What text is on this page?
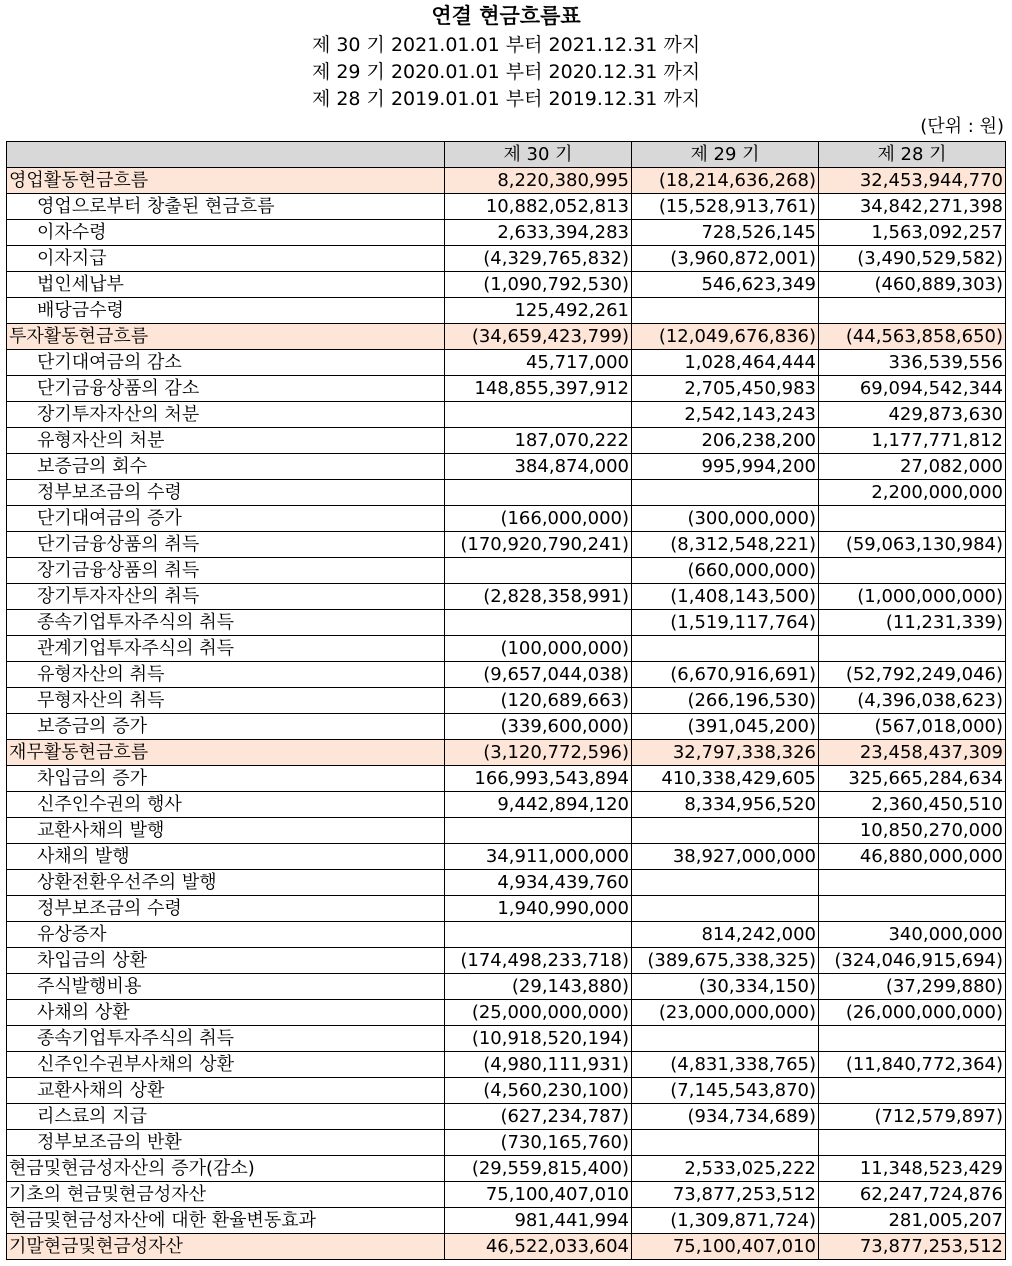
연결 현금흐름표
제 30 기 2021.01.01 부터 2021.12.31 까지
제 29 기 2020.01.01 부터 2020.12.31 까지
제 28 기 2019.01.01 부터 2019.12.31 까지
(단위 : 원)
	제 30 기	제 29 기	제 28 기
영업활동현금흐름	8,220,380,995	(18,214,636,268)	32,453,944,770
영업으로부터 창출된 현금흐름	10,882,052,813	(15,528,913,761)	34,842,271,398
이자수령	2,633,394,283	728,526,145	1,563,092,257
이자지급	(4,329,765,832)	(3,960,872,001)	(3,490,529,582)
법인세납부	(1,090,792,530)	546,623,349	(460,889,303)
배당금수령	125,492,261		
투자활동현금흐름	(34,659,423,799)	(12,049,676,836)	(44,563,858,650)
단기대여금의 감소	45,717,000	1,028,464,444	336,539,556
단기금융상품의 감소	148,855,397,912	2,705,450,983	69,094,542,344
장기투자자산의 처분		2,542,143,243	429,873,630
유형자산의 처분	187,070,222	206,238,200	1,177,771,812
보증금의 회수	384,874,000	995,994,200	27,082,000
정부보조금의 수령			2,200,000,000
단기대여금의 증가	(166,000,000)	(300,000,000)	
단기금융상품의 취득	(170,920,790,241)	(8,312,548,221)	(59,063,130,984)
장기금융상품의 취득		(660,000,000)	
장기투자자산의 취득	(2,828,358,991)	(1,408,143,500)	(1,000,000,000)
종속기업투자주식의 취득		(1,519,117,764)	(11,231,339)
관계기업투자주식의 취득	(100,000,000)		
유형자산의 취득	(9,657,044,038)	(6,670,916,691)	(52,792,249,046)
무형자산의 취득	(120,689,663)	(266,196,530)	(4,396,038,623)
보증금의 증가	(339,600,000)	(391,045,200)	(567,018,000)
재무활동현금흐름	(3,120,772,596)	32,797,338,326	23,458,437,309
차입금의 증가	166,993,543,894	410,338,429,605	325,665,284,634
신주인수권의 행사	9,442,894,120	8,334,956,520	2,360,450,510
교환사채의 발행			10,850,270,000
사채의 발행	34,911,000,000	38,927,000,000	46,880,000,000
상환전환우선주의 발행	4,934,439,760		
정부보조금의 수령	1,940,990,000		
유상증자		814,242,000	340,000,000
차입금의 상환	(174,498,233,718)	(389,675,338,325)	(324,046,915,694)
주식발행비용	(29,143,880)	(30,334,150)	(37,299,880)
사채의 상환	(25,000,000,000)	(23,000,000,000)	(26,000,000,000)
종속기업투자주식의 취득	(10,918,520,194)		
신주인수권부사채의 상환	(4,980,111,931)	(4,831,338,765)	(11,840,772,364)
교환사채의 상환	(4,560,230,100)	(7,145,543,870)	
리스료의 지급	(627,234,787)	(934,734,689)	(712,579,897)
정부보조금의 반환	(730,165,760)		
현금및현금성자산의 증가(감소)	(29,559,815,400)	2,533,025,222	11,348,523,429
기초의 현금및현금성자산	75,100,407,010	73,877,253,512	62,247,724,876
현금및현금성자산에 대한 환율변동효과	981,441,994	(1,309,871,724)	281,005,207
기말현금및현금성자산	46,522,033,604	75,100,407,010	73,877,253,512
